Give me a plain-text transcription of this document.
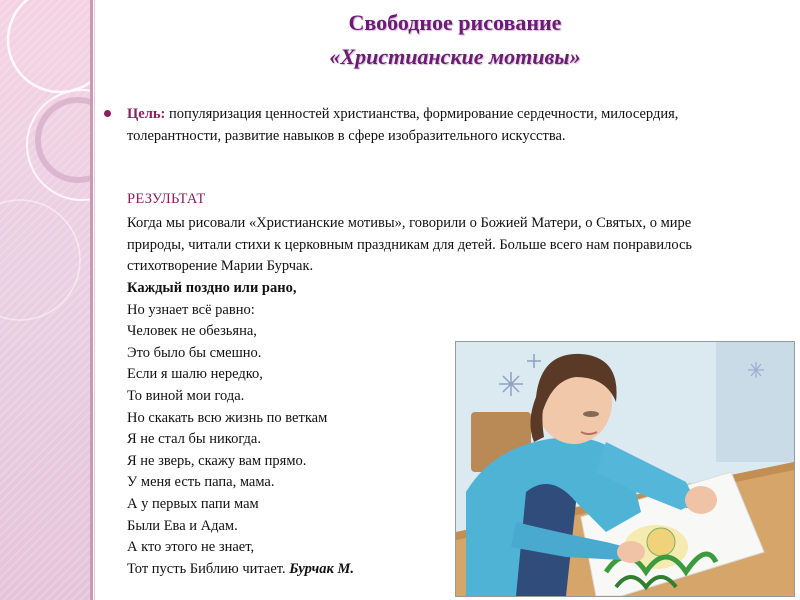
Свободное рисование
«Христианские мотивы»
Цель: популяризация ценностей христианства, формирование сердечности, милосердия, толерантности, развитие навыков в сфере изобразительного искусства.
РЕЗУЛЬТАТ
Когда мы рисовали «Христианские мотивы», говорили о Божией Матери, о Святых, о мире природы, читали стихи к церковным праздникам для детей. Больше всего нам понравилось стихотворение Марии Бурчак.
Каждый поздно или рано,
Но узнает всё равно:
Человек не обезьяна,
Это было бы смешно.
Если я шалю нередко,
То виной мои года.
Но скакать всю жизнь по веткам
Я не стал бы никогда.
Я не зверь, скажу вам прямо.
У меня есть папа, мама.
А у первых папи мам
Были Ева и Адам.
А кто этого не знает,
Тот пусть Библию читает. Бурчак М.
